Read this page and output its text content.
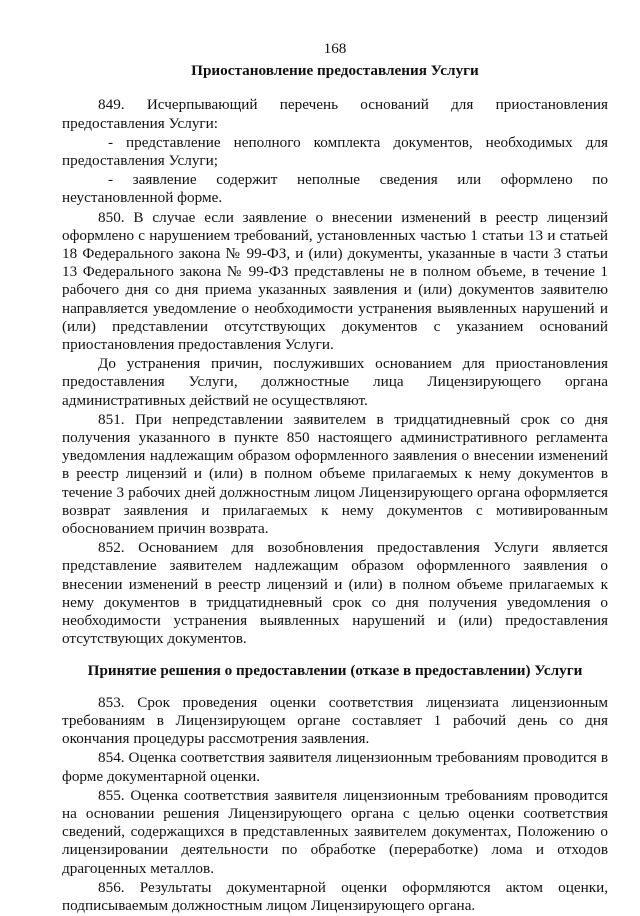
168
Приостановление предоставления Услуги

849. Исчерпывающий перечень оснований для приостановления предоставления Услуги:

- представление неполного комплекта документов, необходимых для предоставления Услуги;

- заявление содержит неполные сведения или оформлено по неустановленной форме.

850. В случае если заявление о внесении изменений в реестр лицензий оформлено с нарушением требований, установленных частью 1 статьи 13 и статьей 18 Федерального закона № 99-ФЗ, и (или) документы, указанные в части 3 статьи 13 Федерального закона № 99-ФЗ представлены не в полном объеме, в течение 1 рабочего дня со дня приема указанных заявления и (или) документов заявителю направляется уведомление о необходимости устранения выявленных нарушений и (или) представлении отсутствующих документов с указанием оснований приостановления предоставления Услуги.

До устранения причин, послуживших основанием для приостановления предоставления Услуги, должностные лица Лицензирующего органа административных действий не осуществляют.

851. При непредставлении заявителем в тридцатидневный срок со дня получения указанного в пункте 850 настоящего административного регламента уведомления надлежащим образом оформленного заявления о внесении изменений в реестр лицензий и (или) в полном объеме прилагаемых к нему документов в течение 3 рабочих дней должностным лицом Лицензирующего органа оформляется возврат заявления и прилагаемых к нему документов с мотивированным обоснованием причин возврата.

852. Основанием для возобновления предоставления Услуги является представление заявителем надлежащим образом оформленного заявления о внесении изменений в реестр лицензий и (или) в полном объеме прилагаемых к нему документов в тридцатидневный срок со дня получения уведомления о необходимости устранения выявленных нарушений и (или) предоставления отсутствующих документов.

Принятие решения о предоставлении (отказе в предоставлении) Услуги

853. Срок проведения оценки соответствия лицензиата лицензионным требованиям в Лицензирующем органе составляет 1 рабочий день со дня окончания процедуры рассмотрения заявления.

854. Оценка соответствия заявителя лицензионным требованиям проводится в форме документарной оценки.

855. Оценка соответствия заявителя лицензионным требованиям проводится на основании решения Лицензирующего органа с целью оценки соответствия сведений, содержащихся в представленных заявителем документах, Положению о лицензировании деятельности по обработке (переработке) лома и отходов драгоценных металлов.

856. Результаты документарной оценки оформляются актом оценки, подписываемым должностным лицом Лицензирующего органа.
